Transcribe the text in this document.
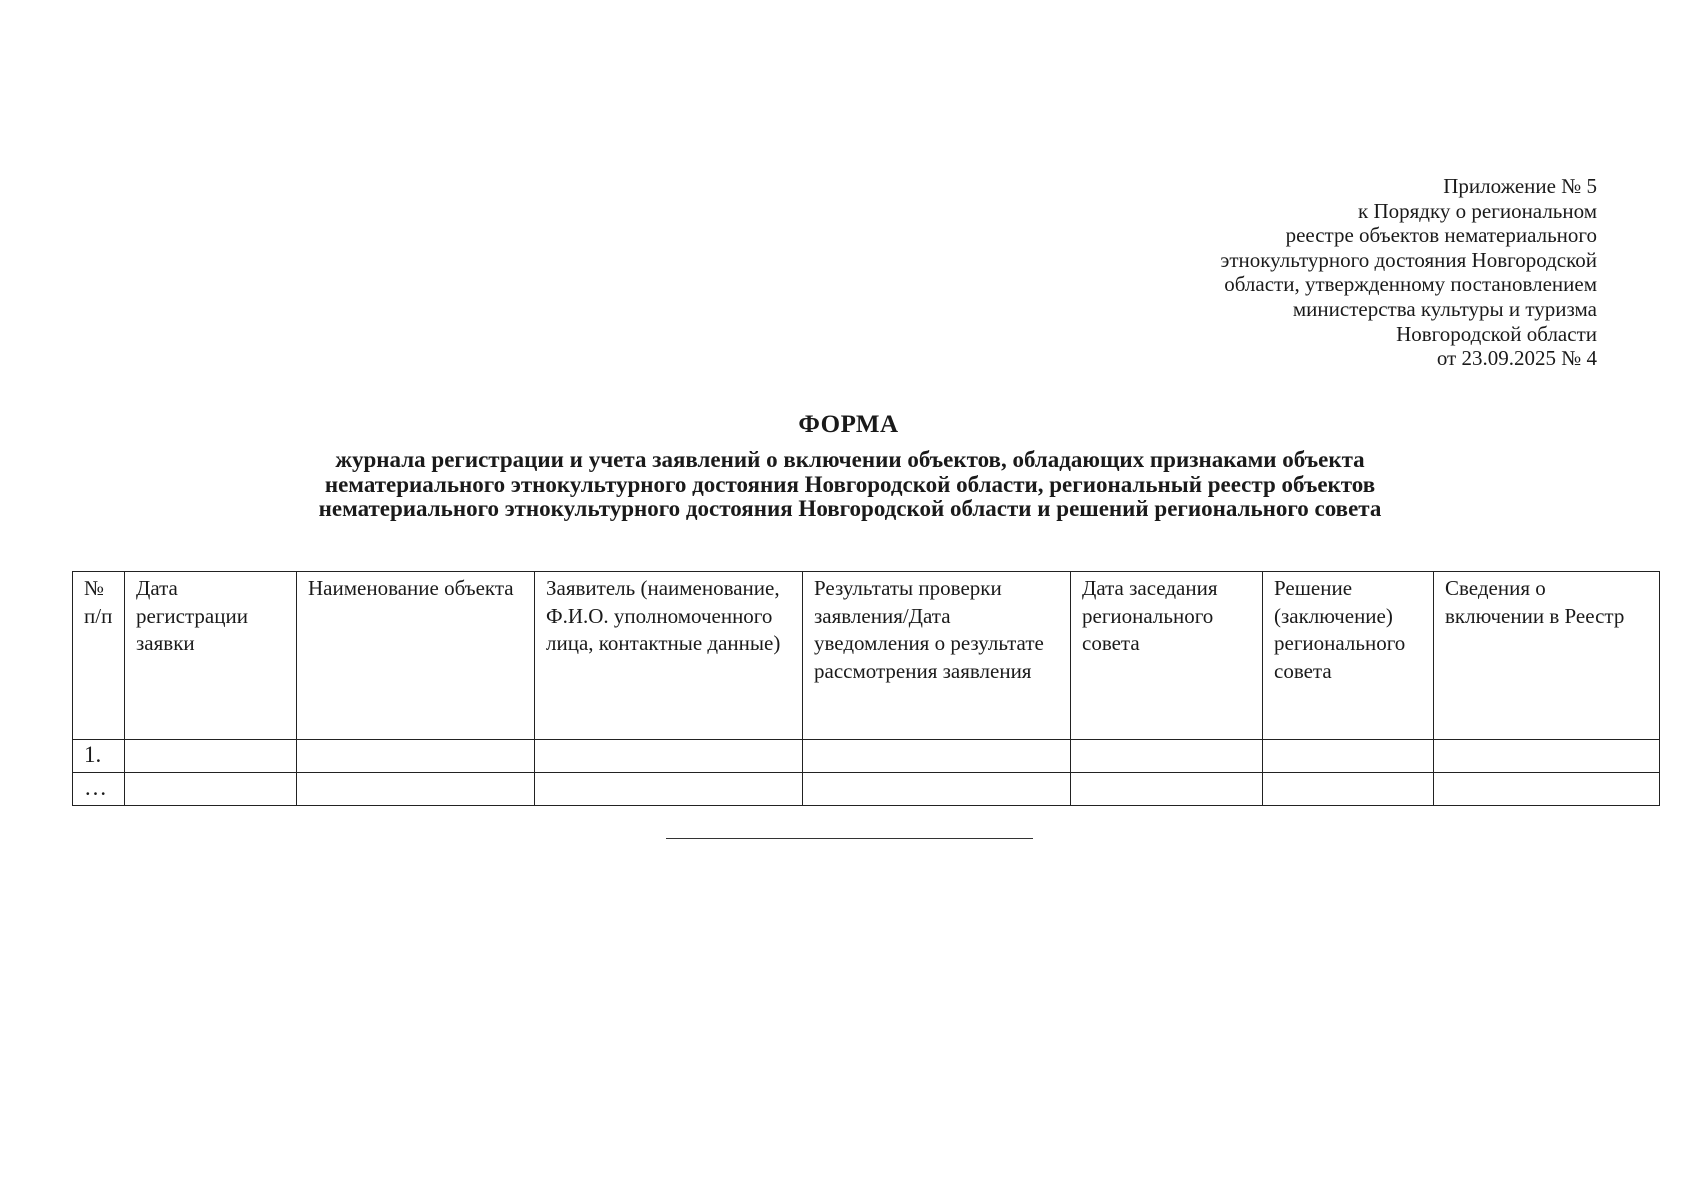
Приложение № 5
к Порядку о региональном
реестре объектов нематериального
этнокультурного достояния Новгородской
области, утвержденному постановлением
министерства культуры и туризма
Новгородской области
от 23.09.2025 № 4
ФОРМА
журнала регистрации и учета заявлений о включении объектов, обладающих признаками объекта
нематериального этнокультурного достояния Новгородской области, региональный реестр объектов
нематериального этнокультурного достояния Новгородской области и решений регионального совета
№ п/п	Дата регистрации заявки	Наименование объекта	Заявитель (наименование, Ф.И.О. уполномоченного лица, контактные данные)	Результаты проверки заявления/Дата уведомления о результате рассмотрения заявления	Дата заседания регионального совета	Решение (заключение) регионального совета	Сведения о включении в Реестр
1.							
…							
